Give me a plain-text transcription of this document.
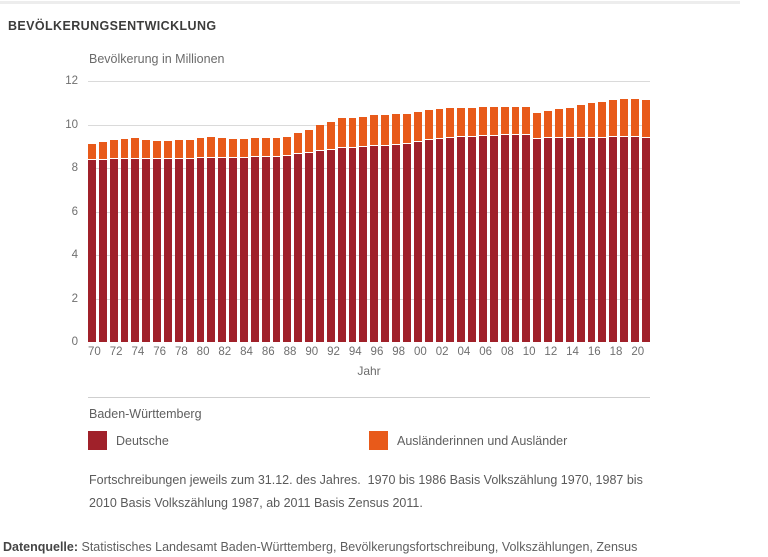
BEVÖLKERUNGSENTWICKLUNG
Bevölkerung in Millionen
0
2
4
6
8
10
12
70 72 74 76 78 80 82 84 86 88 90 92 94 96 98 00 02 04 06 08 10 12 14 16 18 20
Jahr
Baden-Württemberg
Deutsche	Ausländerinnen und Ausländer

Fortschreibungen jeweils zum 31.12. des Jahres.  1970 bis 1986 Basis Volkszählung 1970, 1987 bis
2010 Basis Volkszählung 1987, ab 2011 Basis Zensus 2011.

Datenquelle: Statistisches Landesamt Baden-Württemberg, Bevölkerungsfortschreibung, Volkszählungen, Zensus
